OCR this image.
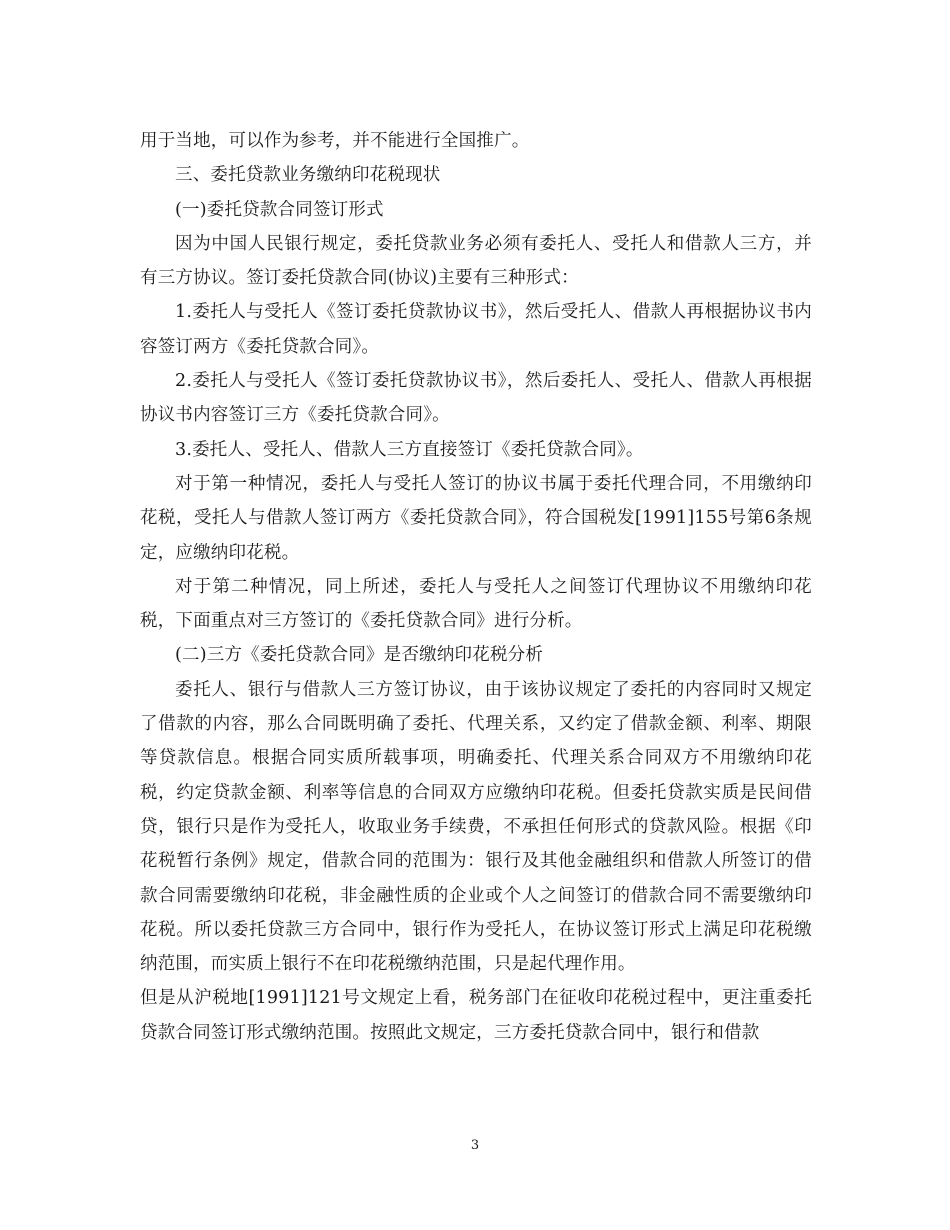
用于当地，可以作为参考，并不能进行全国推广。

三、委托贷款业务缴纳印花税现状

(一)委托贷款合同签订形式

因为中国人民银行规定，委托贷款业务必须有委托人、受托人和借款人三方，并有三方协议。签订委托贷款合同(协议)主要有三种形式：

1.委托人与受托人《签订委托贷款协议书》，然后受托人、借款人再根据协议书内容签订两方《委托贷款合同》。

2.委托人与受托人《签订委托贷款协议书》，然后委托人、受托人、借款人再根据协议书内容签订三方《委托贷款合同》。

3.委托人、受托人、借款人三方直接签订《委托贷款合同》。

对于第一种情况，委托人与受托人签订的协议书属于委托代理合同，不用缴纳印花税，受托人与借款人签订两方《委托贷款合同》，符合国税发[1991]155号第6条规定，应缴纳印花税。

对于第二种情况，同上所述，委托人与受托人之间签订代理协议不用缴纳印花税，下面重点对三方签订的《委托贷款合同》进行分析。

(二)三方《委托贷款合同》是否缴纳印花税分析

委托人、银行与借款人三方签订协议，由于该协议规定了委托的内容同时又规定了借款的内容，那么合同既明确了委托、代理关系，又约定了借款金额、利率、期限等贷款信息。根据合同实质所载事项，明确委托、代理关系合同双方不用缴纳印花税，约定贷款金额、利率等信息的合同双方应缴纳印花税。但委托贷款实质是民间借贷，银行只是作为受托人，收取业务手续费，不承担任何形式的贷款风险。根据《印花税暂行条例》规定，借款合同的范围为：银行及其他金融组织和借款人所签订的借款合同需要缴纳印花税，非金融性质的企业或个人之间签订的借款合同不需要缴纳印花税。所以委托贷款三方合同中，银行作为受托人，在协议签订形式上满足印花税缴纳范围，而实质上银行不在印花税缴纳范围，只是起代理作用。

但是从沪税地[1991]121号文规定上看，税务部门在征收印花税过程中，更注重委托贷款合同签订形式缴纳范围。按照此文规定，三方委托贷款合同中，银行和借款

3
